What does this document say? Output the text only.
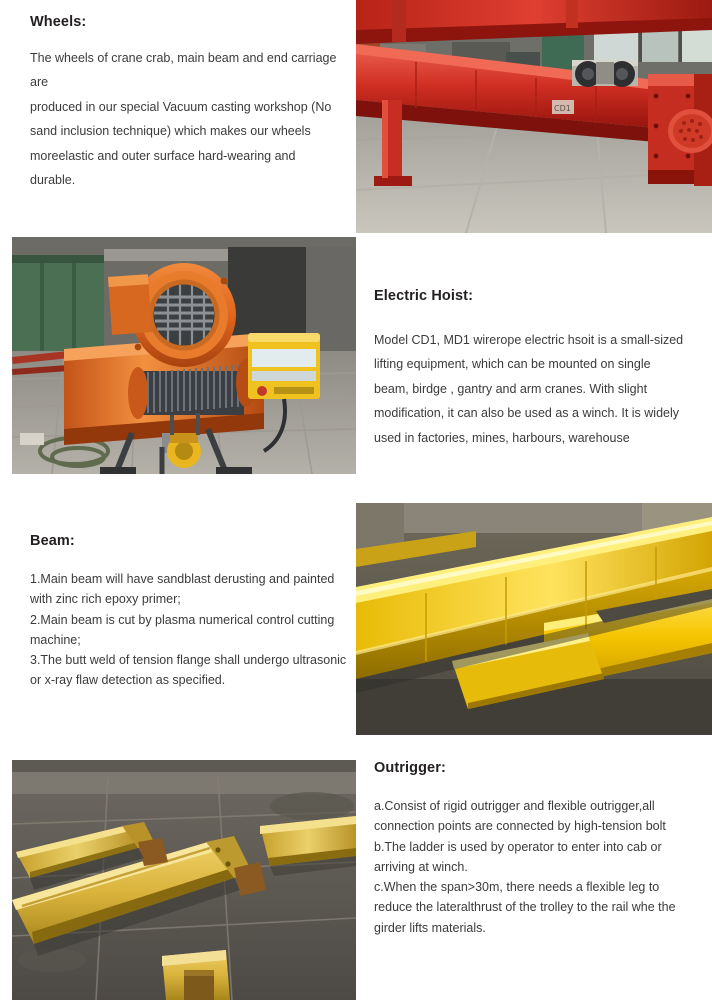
Wheels:
The wheels of crane crab, main beam and end carriage are
produced in our special Vacuum casting workshop (No
sand inclusion technique) which makes our wheels
moreelastic and outer surface hard-wearing and durable.
CD1
Electric Hoist:
Model CD1, MD1 wirerope electric hsoit is a small-sized
lifting equipment, which can be mounted on single
beam, birdge , gantry and arm cranes. With slight
modification, it can also be used as a winch. It is widely
used in factories, mines, harbours, warehouse
Beam:
1.Main beam will have sandblast derusting and painted
with zinc rich epoxy primer;
2.Main beam is cut by plasma numerical control cutting
machine;
3.The butt weld of tension flange shall undergo ultrasonic
or x-ray flaw detection as specified.
Outrigger:
a.Consist of rigid outrigger and flexible outrigger,all
connection points are connected by high-tension bolt
b.The ladder is used by operator to enter into cab or
arriving at winch.
c.When the span>30m, there needs a flexible leg to
reduce the lateralthrust of the trolley to the rail whe the
girder lifts materials.
